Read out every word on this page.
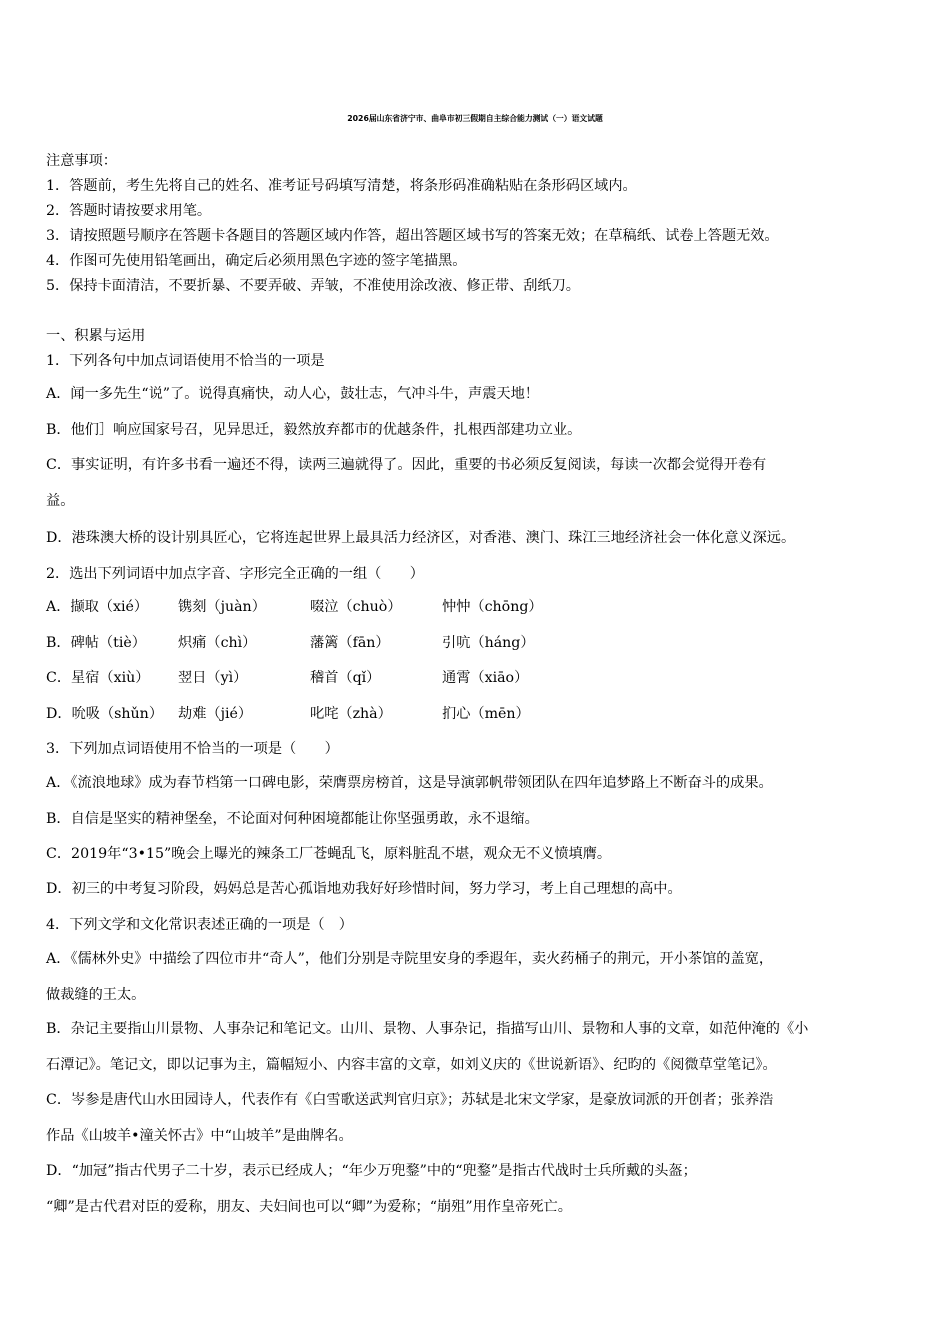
2026届山东省济宁市、曲阜市初三假期自主综合能力测试（一）语文试题
注意事项：
1．答题前，考生先将自己的姓名、准考证号码填写清楚，将条形码准确粘贴在条形码区域内。
2．答题时请按要求用笔。
3．请按照题号顺序在答题卡各题目的答题区域内作答，超出答题区域书写的答案无效；在草稿纸、试卷上答题无效。
4．作图可先使用铅笔画出，确定后必须用黑色字迹的签字笔描黑。
5．保持卡面清洁，不要折暴、不要弄破、弄皱，不准使用涂改液、修正带、刮纸刀。
一、积累与运用
1．下列各句中加点词语使用不恰当的一项是
A．闻一多先生“说”了。说得真痛快，动人心，鼓壮志，气冲斗牛，声震天地！
B．他们］响应国家号召，见异思迁，毅然放弃都市的优越条件，扎根西部建功立业。
C．事实证明，有许多书看一遍还不得，读两三遍就得了。因此，重要的书必须反复阅读，每读一次都会觉得开卷有
益。
D．港珠澳大桥的设计别具匠心，它将连起世界上最具活力经济区，对香港、澳门、珠江三地经济社会一体化意义深远。
2．选出下列词语中加点字音、字形完全正确的一组（　　）
A．撷取（xié） 镌刻（juàn）	啜泣（chuò）	忡忡（chōng）
B．碑帖（tiè） 炽痛（chì）	藩篱（fān）	引吭（háng）
C．星宿（xiù） 翌日（yì）	稽首（qǐ）	通霄（xiāo）
D．吮吸（shǔn） 劫难（jié）	叱咤（zhà）	扪心（mēn）
3．下列加点词语使用不恰当的一项是（　　）
A．《流浪地球》成为春节档第一口碑电影，荣膺票房榜首，这是导演郭帆带领团队在四年追梦路上不断奋斗的成果。
B．自信是坚实的精神堡垒，不论面对何种困境都能让你坚强勇敢，永不退缩。
C．2019年“3•15”晚会上曝光的辣条工厂苍蝇乱飞，原料脏乱不堪，观众无不义愤填膺。
D．初三的中考复习阶段，妈妈总是苦心孤诣地劝我好好珍惜时间，努力学习，考上自己理想的高中。
4．下列文学和文化常识表述正确的一项是（　）
A．《儒林外史》中描绘了四位市井“奇人”，他们分别是寺院里安身的季遐年，卖火药桶子的荆元，开小茶馆的盖宽，
做裁缝的王太。
B．杂记主要指山川景物、人事杂记和笔记文。山川、景物、人事杂记，指描写山川、景物和人事的文章，如范仲淹的《小
石潭记》。笔记文，即以记事为主，篇幅短小、内容丰富的文章，如刘义庆的《世说新语》、纪昀的《阅微草堂笔记》。
C．岑参是唐代山水田园诗人，代表作有《白雪歌送武判官归京》；苏轼是北宋文学家，是豪放词派的开创者；张养浩
作品《山坡羊•潼关怀古》中“山坡羊”是曲牌名。
D．“加冠”指古代男子二十岁，表示已经成人；“年少万兜鍪”中的“兜鍪”是指古代战时士兵所戴的头盔；
“卿”是古代君对臣的爱称，朋友、夫妇间也可以“卿”为爱称；“崩殂”用作皇帝死亡。
